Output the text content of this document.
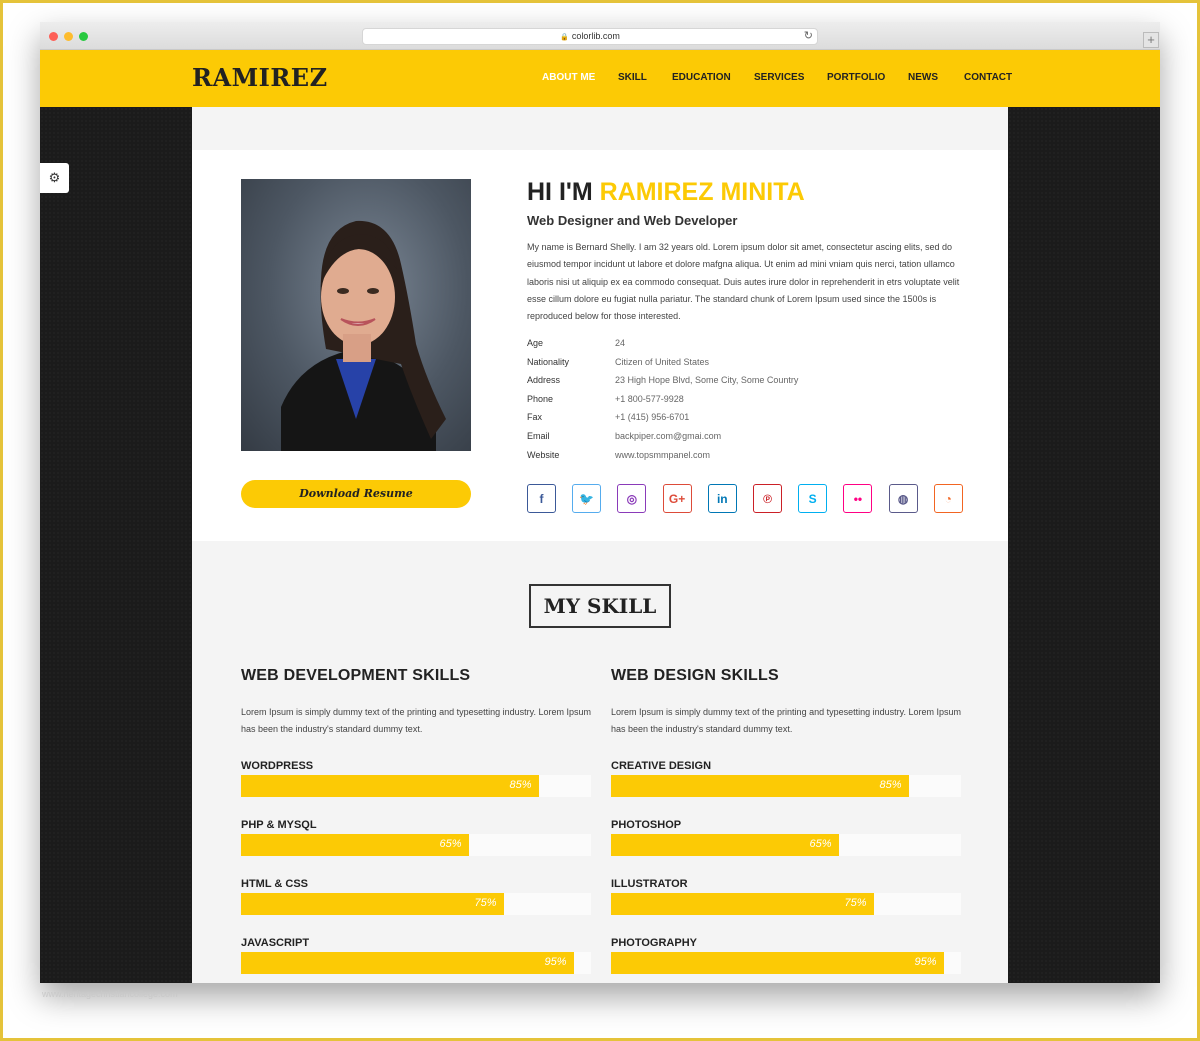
🔒 colorlib.com	↻	+
RAMIREZ	ABOUT ME SKILL	EDUCATION SERVICES PORTFOLIO NEWS	CONTACT
⚙
Download Resume
HI I'M RAMIREZ MINITA
Web Designer and Web Developer

My name is Bernard Shelly. I am 32 years old. Lorem ipsum dolor sit amet, consectetur ascing elits, sed do eiusmod tempor incidunt ut labore et dolore mafgna aliqua. Ut enim ad mini vniam quis nerci, tation ullamco laboris nisi ut aliquip ex ea commodo consequat. Duis autes irure dolor in reprehenderit in etrs voluptate velit esse cillum dolore eu fugiat nulla pariatur. The standard chunk of Lorem Ipsum used since the 1500s is reproduced below for those interested.

Age	24
Nationality	Citizen of United States
Address	23 High Hope Blvd, Some City, Some Country
Phone	+1 800-577-9928
Fax	+1 (415) 956-6701
Email	backpiper.com@gmai.com
Website	www.topsmmpanel.com
f	🐦	◎	G+	in	℗	S	••	◍	◔
MY SKILL
WEB DEVELOPMENT SKILLS

Lorem Ipsum is simply dummy text of the printing and typesetting industry. Lorem Ipsum has been the industry's standard dummy text.

WORDPRESS
85%
PHP & MYSQL
65%
HTML & CSS
75%
JAVASCRIPT
95%
WEB DESIGN SKILLS

Lorem Ipsum is simply dummy text of the printing and typesetting industry. Lorem Ipsum has been the industry's standard dummy text.

CREATIVE DESIGN
85%
PHOTOSHOP
65%
ILLUSTRATOR
75%
PHOTOGRAPHY
95%
www.heritagechristiancollege.com
